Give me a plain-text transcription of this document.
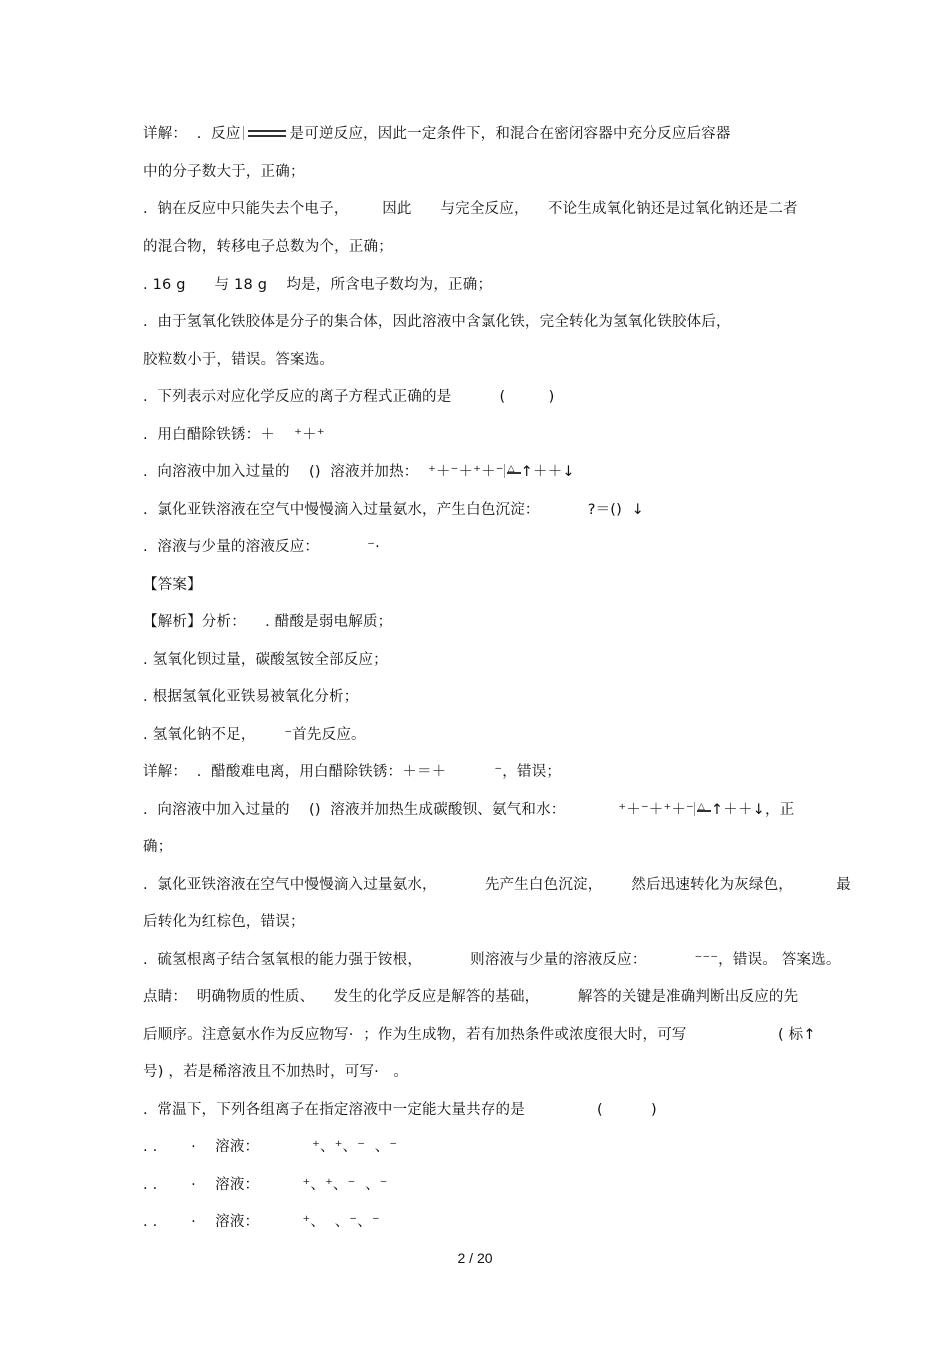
详解：  .  反应	是可逆反应，因此一定条件下，和混合在密闭容器中充分反应后容器
中的分子数大于，正确；
.  钠在反应中只能失去个电子，       因此      与完全反应，    不论生成氧化钠还是过氧化钠还是二者
的混合物，转移电子总数为个，正确；
. 16 g      与 18 g    均是，所含电子数均为，正确；
.  由于氢氧化铁胶体是分子的集合体，因此溶液中含氯化铁，完全转化为氢氧化铁胶体后，
胶粒数小于，错误。答案选。
.  下列表示对应化学反应的离子方程式正确的是          (         )
.  用白醋除铁锈：＋    ⁺＋⁺
.  向溶液中加入过量的    ()  溶液并加热：  ⁺＋⁻＋⁺＋⁻ △ ↑＋＋↓
.  氯化亚铁溶液在空气中慢慢滴入过量氨水，产生白色沉淀：          ?＝()  ↓
.  溶液与少量的溶液反应：          ⁻·
【答案】
【解析】分析：    . 醋酸是弱电解质；
. 氢氧化钡过量，碳酸氢铵全部反应；
. 根据氢氧化亚铁易被氧化分析；
. 氢氧化钠不足，      ⁻首先反应。
详解：  .  醋酸难电离，用白醋除铁锈：＋＝＋          ⁻，错误；
.  向溶液中加入过量的    ()  溶液并加热生成碳酸钡、氨气和水：           ⁺＋⁻＋⁺＋⁻ △ ↑＋＋↓，正
确；
.  氯化亚铁溶液在空气中慢慢滴入过量氨水，          先产生白色沉淀，      然后迅速转化为灰绿色，         最
后转化为红棕色，错误；
.  硫氢根离子结合氢氧根的能力强于铵根，          则溶液与少量的溶液反应：          ⁻⁻⁻，错误。 答案选。
点睛：  明确物质的性质、    发生的化学反应是解答的基础，        解答的关键是准确判断出反应的先
后顺序。注意氨水作为反应物写·  ；作为生成物，若有加热条件或浓度很大时，可写                   ( 标↑
号) ，若是稀溶液且不加热时，可写·   。
.  常温下，下列各组离子在指定溶液中一定能大量共存的是               (          )
. .       ·    溶液：           ⁺、⁺、⁻  、⁻
. .       ·    溶液：         ⁺、⁺、⁻  、⁻
. .       ·    溶液：         ⁺、  、⁻、⁻
2 / 20
